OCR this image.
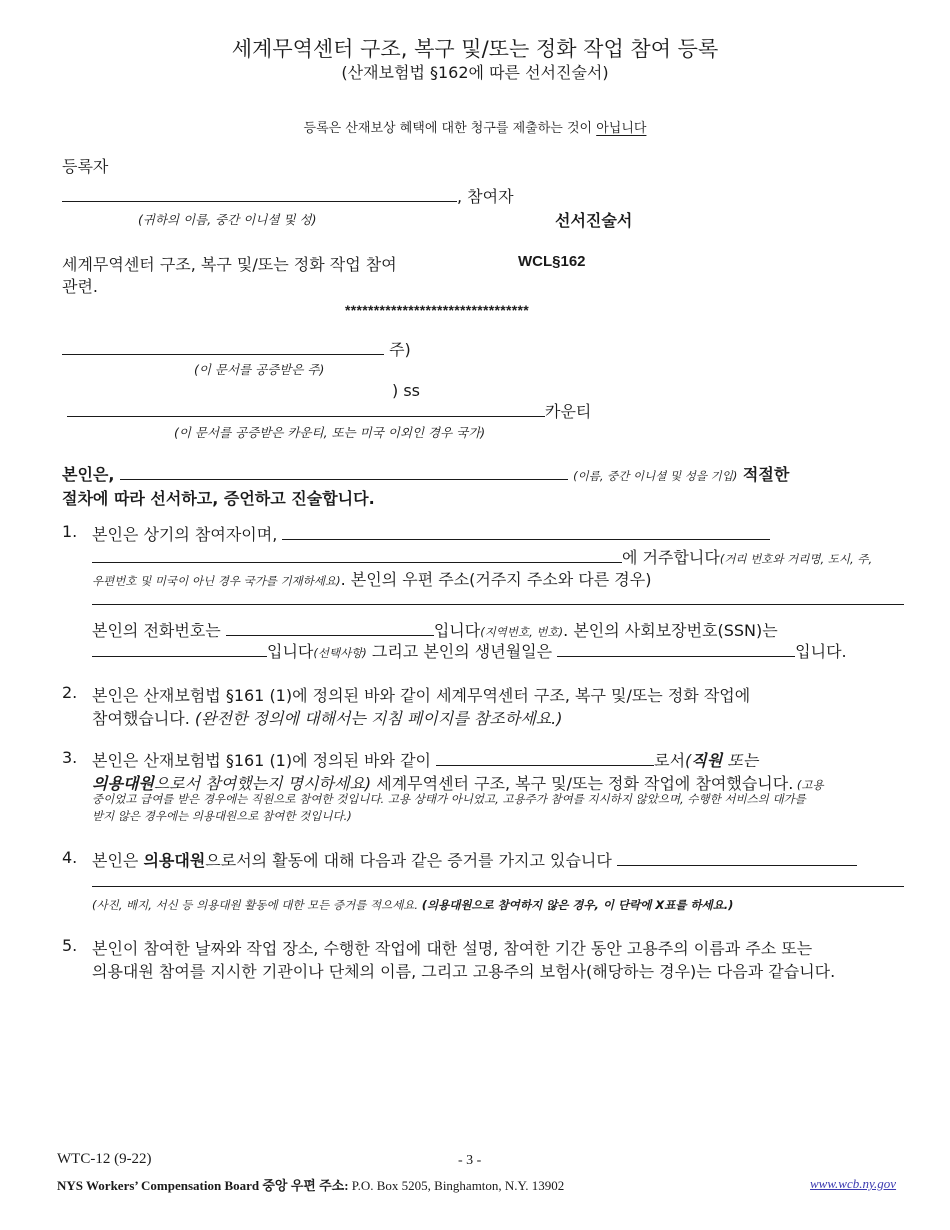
세계무역센터 구조, 복구 및/또는 정화 작업 참여 등록
(산재보험법 §162에 따른 선서진술서)
등록은 산재보상 혜택에 대한 청구를 제출하는 것이 아닙니다
등록자
, 참여자
(귀하의 이름, 중간 이니셜 및 성)	선서진술서
세계무역센터 구조, 복구 및/또는 정화 작업 참여
관련.
WCL§162
********************************
주)
(이 문서를 공증받은 주)
) ss
카운티
(이 문서를 공증받은 카운티, 또는 미국 이외인 경우 국가)
본인은,	(이름, 중간 이니셜 및 성을 기입) 적절한
절차에 따라 선서하고, 증언하고 진술합니다.
1. 본인은 상기의 참여자이며,
에 거주합니다(거리 번호와 거리명, 도시, 주,
우편번호 및 미국이 아닌 경우 국가를 기재하세요). 본인의 우편 주소(거주지 주소와 다른 경우)
본인의 전화번호는	입니다(지역번호, 번호). 본인의 사회보장번호(SSN)는
입니다(선택사항) 그리고 본인의 생년월일은	입니다.
2. 본인은 산재보험법 §161 (1)에 정의된 바와 같이 세계무역센터 구조, 복구 및/또는 정화 작업에
참여했습니다. (완전한 정의에 대해서는 지침 페이지를 참조하세요.)
3. 본인은 산재보험법 §161 (1)에 정의된 바와 같이	로서(직원 또는
의용대원으로서 참여했는지 명시하세요) 세계무역센터 구조, 복구 및/또는 정화 작업에 참여했습니다. (고용
중이었고 급여를 받은 경우에는 직원으로 참여한 것입니다. 고용 상태가 아니었고, 고용주가 참여를 지시하지 않았으며, 수행한 서비스의 대가를
받지 않은 경우에는 의용대원으로 참여한 것입니다.)
4. 본인은 의용대원으로서의 활동에 대해 다음과 같은 증거를 가지고 있습니다
(사진, 배지, 서신 등 의용대원 활동에 대한 모든 증거를 적으세요. (의용대원으로 참여하지 않은 경우, 이 단락에 X표를 하세요.)
5. 본인이 참여한 날짜와 작업 장소, 수행한 작업에 대한 설명, 참여한 기간 동안 고용주의 이름과 주소 또는
의용대원 참여를 지시한 기관이나 단체의 이름, 그리고 고용주의 보험사(해당하는 경우)는 다음과 같습니다.
WTC-12 (9-22)	- 3 -
NYS Workers’ Compensation Board 중앙 우편 주소: P.O. Box 5205, Binghamton, N.Y. 13902	www.wcb.ny.gov
